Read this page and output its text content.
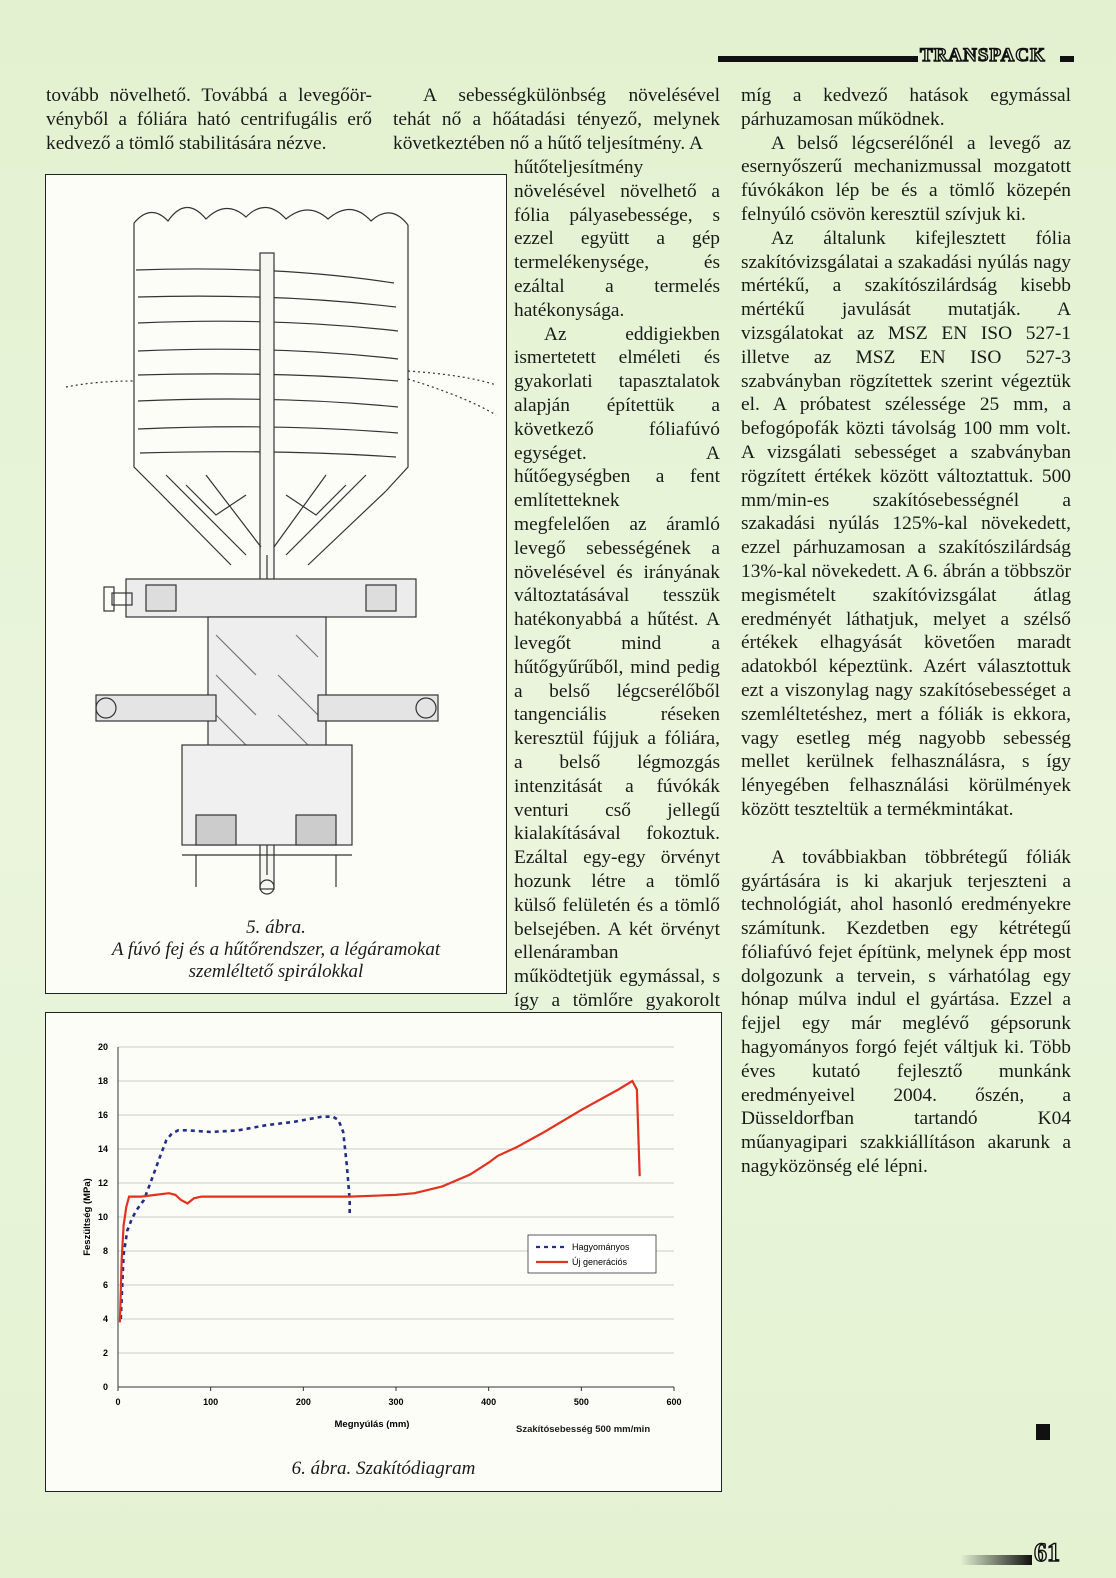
TRANSPACK

tovább növelhető. Továbbá a levegőör-vényből a fóliára ható centrifugális erő kedvező a tömlő stabilitására nézve.

A sebességkülönbség növelésével tehát nő a hőátadási tényező, melynek következtében nő a hűtő teljesítmény. A

hűtőteljesítmény növelésével növelhető a fólia pályasebessége, s ezzel együtt a gép termelékenysége, és ezáltal a termelés hatékonysága.

Az eddigiekben ismertetett elméleti és gyakorlati tapasztalatok alapján építettük a következő fóliafúvó egységet. A hűtőegységben a fent említetteknek megfelelően az áramló levegő sebességének a növelésével és irányának változtatásával tesszük hatékonyabbá a hűtést. A levegőt mind a hűtőgyűrűből, mind pedig a belső légcserélőből tangenciális réseken keresztül fújjuk a fóliára, a belső légmozgás intenzitását a fúvókák venturi cső jellegű kialakításával fokoztuk. Ezáltal egy-egy örvényt hozunk létre a tömlő külső felületén és a tömlő belsejében. A két örvényt ellenáramban működtetjük egymással, s így a tömlőre gyakorolt

míg a kedvező hatások egymással párhuzamosan működnek.

A belső légcserélőnél a levegő az esernyőszerű mechanizmussal mozgatott fúvókákon lép be és a tömlő közepén felnyúló csövön keresztül szívjuk ki.

Az általunk kifejlesztett fólia szakítóvizsgálatai a szakadási nyúlás nagy mértékű, a szakítószilárdság kisebb mértékű javulását mutatják. A vizsgálatokat az MSZ EN ISO 527-1 illetve az MSZ EN ISO 527-3 szabványban rögzítettek szerint végeztük el. A próbatest szélessége 25 mm, a befogópofák közti távolság 100 mm volt. A vizsgálati sebességet a szabványban rögzített értékek között változtattuk. 500 mm/min-es szakítósebességnél a szakadási nyúlás 125%-kal növekedett, ezzel párhuzamosan a szakítószilárdság 13%-kal növekedett. A 6. ábrán a többször megismételt szakítóvizsgálat átlag eredményét láthatjuk, melyet a szélső értékek elhagyását követően maradt adatokból képeztünk. Azért választottuk ezt a viszonylag nagy szakítósebességet a szemléltetéshez, mert a fóliák is ekkora, vagy esetleg még nagyobb sebesség mellet kerülnek felhasználásra, s így lényegében felhasználási körülmények között teszteltük a termékmintákat.

A továbbiakban többrétegű fóliák gyártására is ki akarjuk terjeszteni a technológiát, ahol hasonló eredményekre számítunk. Kezdetben egy kétrétegű fóliafúvó fejet építünk, melynek épp most dolgozunk a tervein, s várhatólag egy hónap múlva indul el gyártása. Ezzel a fejjel egy már meglévő gépsorunk hagyományos forgó fejét váltjuk ki. Több éves kutató fejlesztő munkánk eredményeivel 2004. őszén, a Düsseldorfban tartandó K04 műanyagipari szakkiállításon akarunk a nagyközönség elé lépni.

5. ábra.
A fúvó fej és a hűtőrendszer, a légáramokat
szemléltető spirálokkal
0
2
4
6
8
10
12
14
16
18
20
0	100	200	300	400	500	600
Megnyúlás (mm)
Feszültség (MPa)	Hagyományos
Új generációs
Szakítósebesség 500 mm/min
6. ábra. Szakítódiagram
61
